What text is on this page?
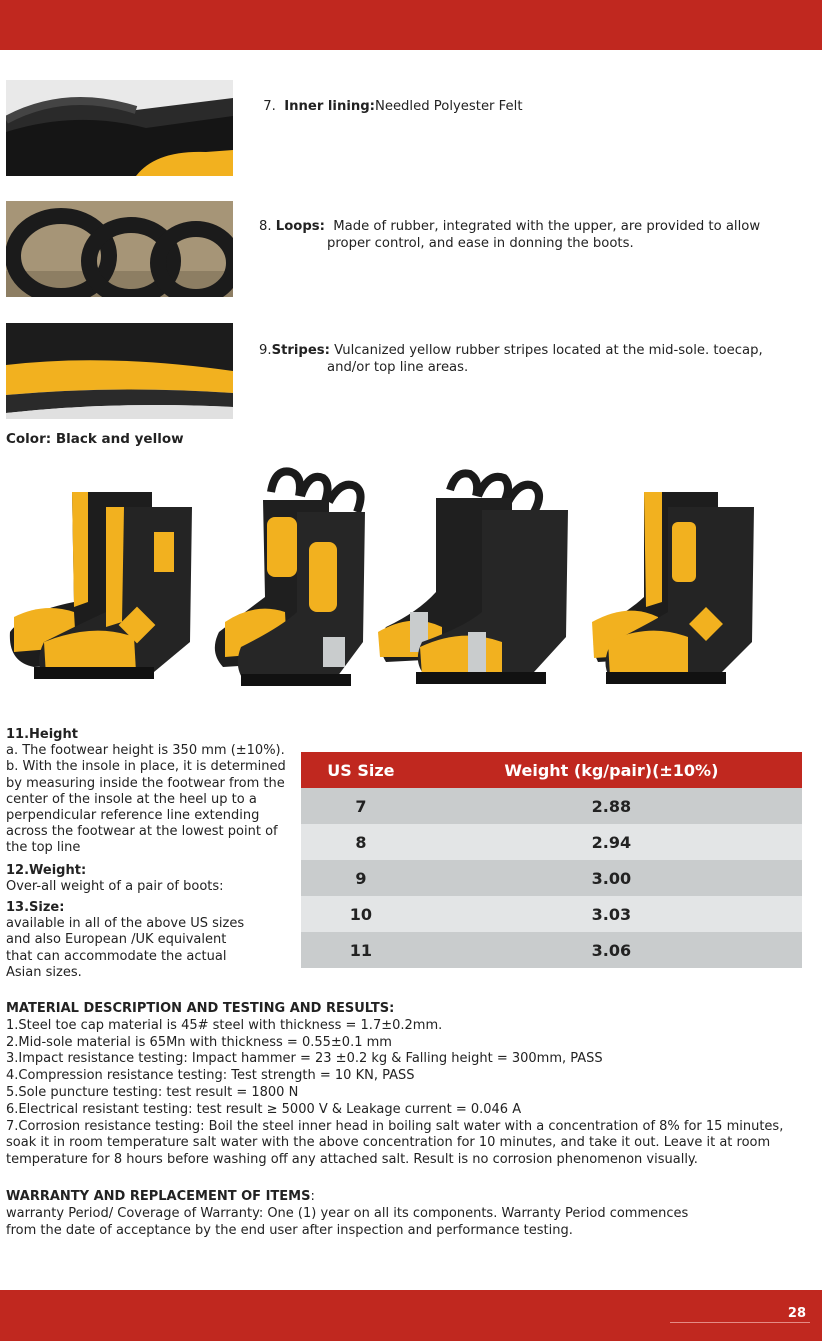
7. Inner lining:Needled Polyester Felt
8. Loops: Made of rubber, integrated with the upper, are provided to allow
proper control, and ease in donning the boots.
9.Stripes: Vulcanized yellow rubber stripes located at the mid-sole. toecap,
and/or top line areas.
Color: Black and yellow
11.Height
a. The footwear height is 350 mm (±10%).
b. With the insole in place, it is determined
by measuring inside the footwear from the
center of the insole at the heel up to a
perpendicular reference line extending
across the footwear at the lowest point of
the top line
12.Weight:
Over-all weight of a pair of boots:
13.Size:
available in all of the above US sizes
and also European /UK equivalent
that can accommodate the actual
Asian sizes.
US Size	Weight (kg/pair)(±10%)
7	2.88
8	2.94
9	3.00
10	3.03
11	3.06
MATERIAL DESCRIPTION AND TESTING AND RESULTS:
1.Steel toe cap material is 45# steel with thickness = 1.7±0.2mm.
2.Mid-sole material is 65Mn with thickness = 0.55±0.1 mm
3.Impact resistance testing: Impact hammer = 23 ±0.2 kg & Falling height = 300mm, PASS
4.Compression resistance testing: Test strength = 10 KN, PASS
5.Sole puncture testing: test result = 1800 N
6.Electrical resistant testing: test result ≥ 5000 V & Leakage current = 0.046 A
7.Corrosion resistance testing: Boil the steel inner head in boiling salt water with a concentration of 8% for 15 minutes,
soak it in room temperature salt water with the above concentration for 10 minutes, and take it out. Leave it at room
temperature for 8 hours before washing off any attached salt. Result is no corrosion phenomenon visually.
WARRANTY AND REPLACEMENT OF ITEMS:
warranty Period/ Coverage of Warranty: One (1) year on all its components. Warranty Period commences
from the date of acceptance by the end user after inspection and performance testing.
28
